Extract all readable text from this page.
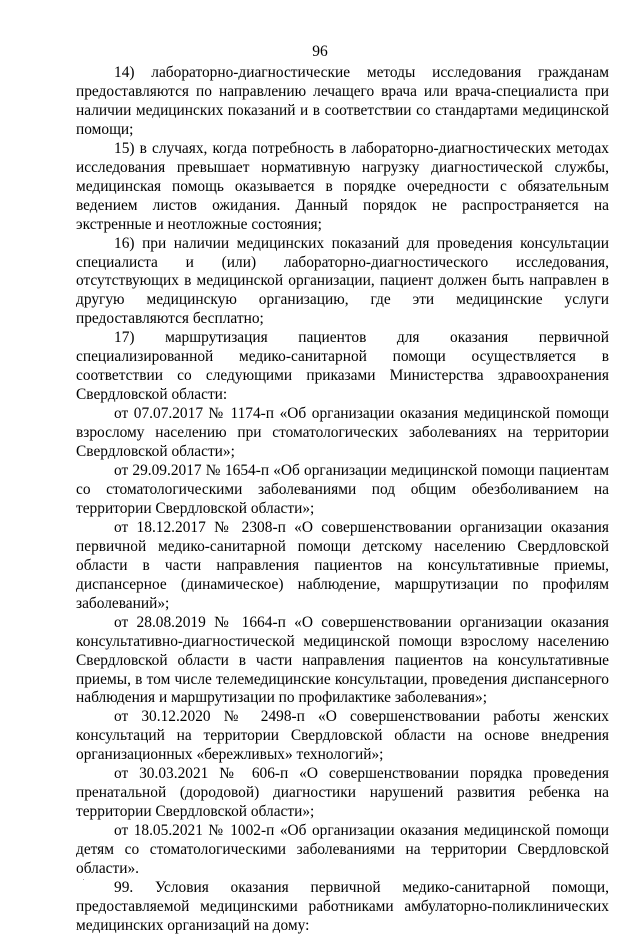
96

14) лабораторно-диагностические методы исследования гражданам предоставляются по направлению лечащего врача или врача-специалиста при наличии медицинских показаний и в соответствии со стандартами медицинской помощи;

15) в случаях, когда потребность в лабораторно-диагностических методах исследования превышает нормативную нагрузку диагностической службы, медицинская помощь оказывается в порядке очередности с обязательным ведением листов ожидания. Данный порядок не распространяется на экстренные и неотложные состояния;

16) при наличии медицинских показаний для проведения консультации специалиста и (или) лабораторно-диагностического исследования, отсутствующих в медицинской организации, пациент должен быть направлен в другую медицинскую организацию, где эти медицинские услуги предоставляются бесплатно;

17) маршрутизация пациентов для оказания первичной специализированной медико-санитарной помощи осуществляется в соответствии со следующими приказами Министерства здравоохранения Свердловской области:

от 07.07.2017 № 1174-п «Об организации оказания медицинской помощи взрослому населению при стоматологических заболеваниях на территории Свердловской области»;

от 29.09.2017 № 1654-п «Об организации медицинской помощи пациентам со стоматологическими заболеваниями под общим обезболиванием на территории Свердловской области»;

от 18.12.2017 № 2308-п «О совершенствовании организации оказания первичной медико-санитарной помощи детскому населению Свердловской области в части направления пациентов на консультативные приемы, диспансерное (динамическое) наблюдение, маршрутизации по профилям заболеваний»;

от 28.08.2019 № 1664-п «О совершенствовании организации оказания консультативно-диагностической медицинской помощи взрослому населению Свердловской области в части направления пациентов на консультативные приемы, в том числе телемедицинские консультации, проведения диспансерного наблюдения и маршрутизации по профилактике заболевания»;

от 30.12.2020 № 2498-п «О совершенствовании работы женских консультаций на территории Свердловской области на основе внедрения организационных «бережливых» технологий»;

от 30.03.2021 № 606-п «О совершенствовании порядка проведения пренатальной (дородовой) диагностики нарушений развития ребенка на территории Свердловской области»;

от 18.05.2021 № 1002-п «Об организации оказания медицинской помощи детям со стоматологическими заболеваниями на территории Свердловской области».

99. Условия оказания первичной медико-санитарной помощи, предоставляемой медицинскими работниками амбулаторно-поликлинических медицинских организаций на дому:
